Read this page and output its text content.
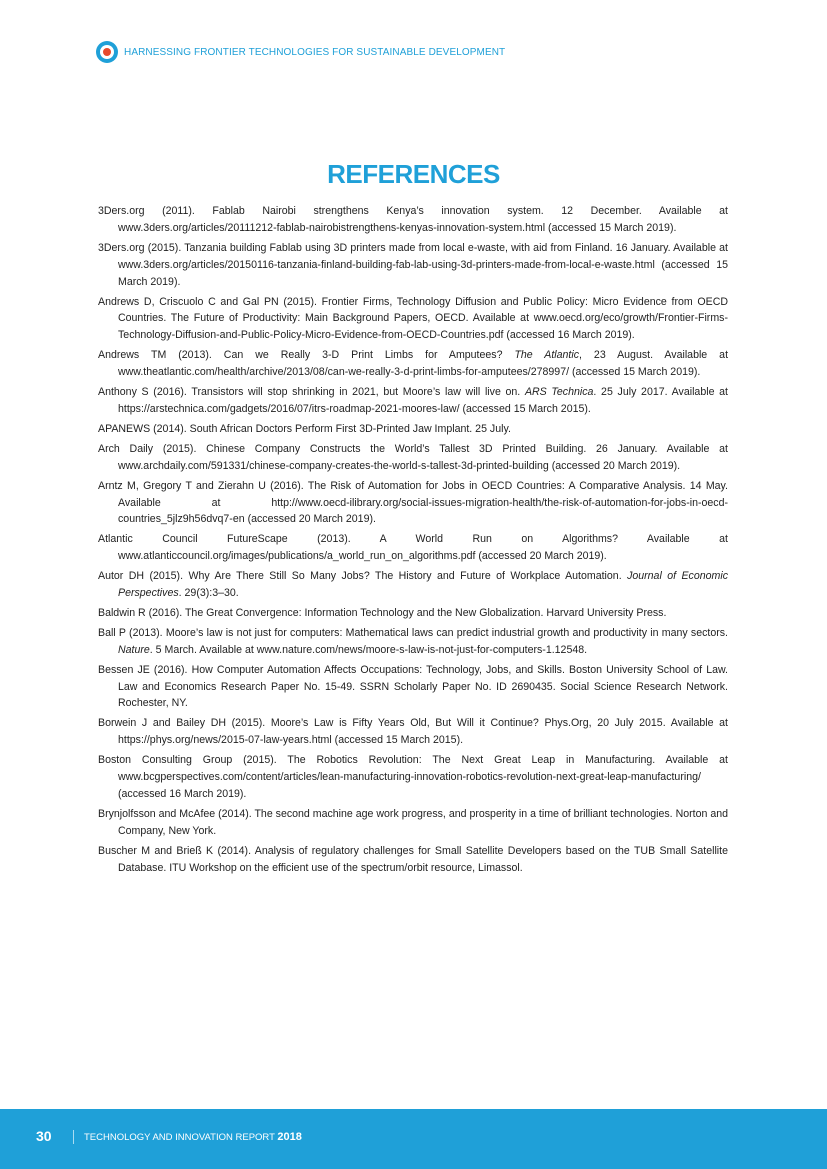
HARNESSING FRONTIER TECHNOLOGIES FOR SUSTAINABLE DEVELOPMENT
REFERENCES
3Ders.org (2011). Fablab Nairobi strengthens Kenya’s innovation system. 12 December. Available at www.3ders.org/articles/20111212-fablab-nairobistrengthens-kenyas-innovation-system.html (accessed 15 March 2019).
3Ders.org (2015). Tanzania building Fablab using 3D printers made from local e-waste, with aid from Finland. 16 January. Available at www.3ders.org/articles/20150116-tanzania-finland-building-fab-lab-using-3d-printers-made-from-local-e-waste.html (accessed 15 March 2019).
Andrews D, Criscuolo C and Gal PN (2015). Frontier Firms, Technology Diffusion and Public Policy: Micro Evidence from OECD Countries. The Future of Productivity: Main Background Papers, OECD. Available at www.oecd.org/eco/growth/Frontier-Firms-Technology-Diffusion-and-Public-Policy-Micro-Evidence-from-OECD-Countries.pdf (accessed 16 March 2019).
Andrews TM (2013). Can we Really 3-D Print Limbs for Amputees? The Atlantic, 23 August. Available at www.theatlantic.com/health/archive/2013/08/can-we-really-3-d-print-limbs-for-amputees/278997/ (accessed 15 March 2019).
Anthony S (2016). Transistors will stop shrinking in 2021, but Moore’s law will live on. ARS Technica. 25 July 2017. Available at https://arstechnica.com/gadgets/2016/07/itrs-roadmap-2021-moores-law/ (accessed 15 March 2015).
APANEWS (2014). South African Doctors Perform First 3D-Printed Jaw Implant. 25 July.
Arch Daily (2015). Chinese Company Constructs the World’s Tallest 3D Printed Building. 26 January. Available at www.archdaily.com/591331/chinese-company-creates-the-world-s-tallest-3d-printed-building (accessed 20 March 2019).
Arntz M, Gregory T and Zierahn U (2016). The Risk of Automation for Jobs in OECD Countries: A Comparative Analysis. 14 May. Available at http://www.oecd-ilibrary.org/social-issues-migration-health/the-risk-of-automation-for-jobs-in-oecd-countries_5jlz9h56dvq7-en (accessed 20 March 2019).
Atlantic Council FutureScape (2013). A World Run on Algorithms? Available at www.atlanticcouncil.org/images/publications/a_world_run_on_algorithms.pdf (accessed 20 March 2019).
Autor DH (2015). Why Are There Still So Many Jobs? The History and Future of Workplace Automation. Journal of Economic Perspectives. 29(3):3–30.
Baldwin R (2016). The Great Convergence: Information Technology and the New Globalization. Harvard University Press.
Ball P (2013). Moore’s law is not just for computers: Mathematical laws can predict industrial growth and productivity in many sectors. Nature. 5 March. Available at www.nature.com/news/moore-s-law-is-not-just-for-computers-1.12548.
Bessen JE (2016). How Computer Automation Affects Occupations: Technology, Jobs, and Skills. Boston University School of Law. Law and Economics Research Paper No. 15-49. SSRN Scholarly Paper No. ID 2690435. Social Science Research Network. Rochester, NY.
Borwein J and Bailey DH (2015). Moore’s Law is Fifty Years Old, But Will it Continue? Phys.Org, 20 July 2015. Available at https://phys.org/news/2015-07-law-years.html (accessed 15 March 2015).
Boston Consulting Group (2015). The Robotics Revolution: The Next Great Leap in Manufacturing. Available at www.bcgperspectives.com/content/articles/lean-manufacturing-innovation-robotics-revolution-next-great-leap-manufacturing/ (accessed 16 March 2019).
Brynjolfsson and McAfee (2014). The second machine age work progress, and prosperity in a time of brilliant technologies. Norton and Company, New York.
Buscher M and Brieß K (2014). Analysis of regulatory challenges for Small Satellite Developers based on the TUB Small Satellite Database. ITU Workshop on the efficient use of the spectrum/orbit resource, Limassol.
30	TECHNOLOGY AND INNOVATION REPORT 2018
